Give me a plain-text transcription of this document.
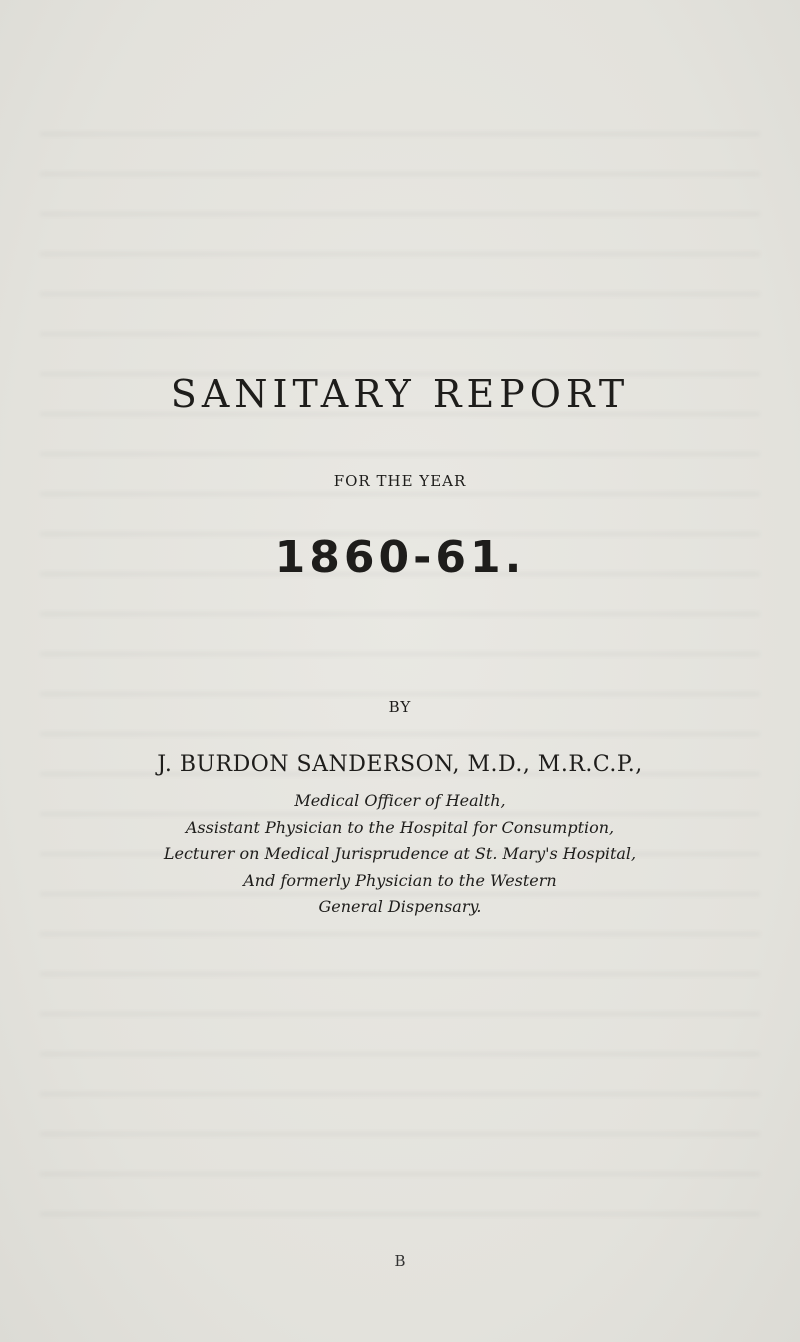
SANITARY REPORT
FOR THE YEAR
1860-61.
BY
J. BURDON SANDERSON, M.D., M.R.C.P.,
Medical Officer of Health,
Assistant Physician to the Hospital for Consumption,
Lecturer on Medical Jurisprudence at St. Mary's Hospital,
And formerly Physician to the Western
General Dispensary.
B
